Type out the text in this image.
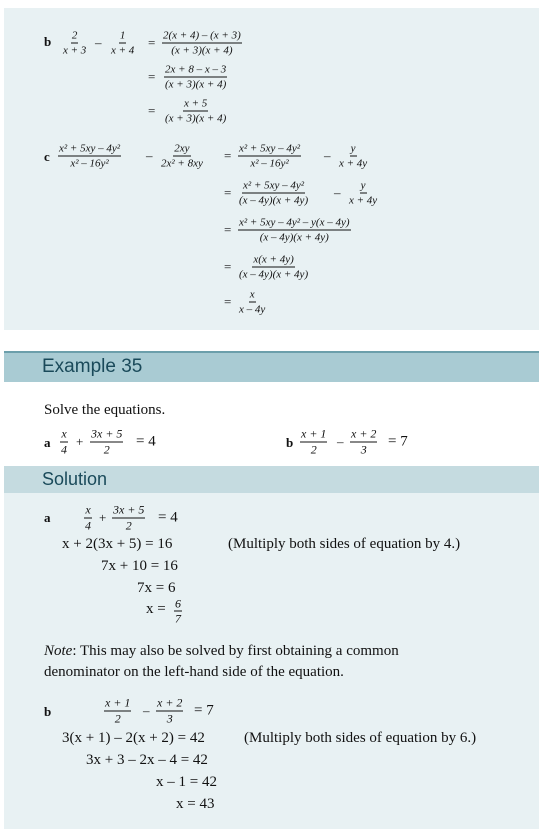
b $\frac{2}{x + 3} - \frac{1}{x + 4} = \frac{2(x + 4) - (x + 3)}{(x + 3)(x + 4)}$
= $\frac{2x + 8 - x - 3}{(x + 3)(x + 4)}$
= $\frac{x + 5}{(x + 3)(x + 4)}$
c $\frac{\text{x² + 5xy – 4y²}}{\text{x² – 16y²}} - \frac{2xy}{\text{2x² + 8xy}} = \frac{\text{x² + 5xy – 4y²}}{\text{x² – 16y²}} - \frac{y}{x + 4y}$
= $\frac{\text{x² + 5xy – 4y²}}{(x - 4y)(x + 4y)} - \frac{y}{x + 4y}$
= $\frac{\text{x² + 5xy – 4y² – y(x – 4y)}}{(x - 4y)(x + 4y)}$
= $\frac{x(x + 4y)}{(x - 4y)(x + 4y)}$
= $\frac{x}{x - 4y}$
Example 35
Solve the equations.
a $\frac{x}{4} + \frac{3x + 5}{2} = 4$	b $\frac{x + 1}{2} - \frac{x + 2}{3} = 7$
Solution
a	$\frac{x}{4} + \frac{3x + 5}{2} = 4$
x + 2(3x + 5) = 16	(Multiply both sides of equation by 4.)
7x + 10 = 16
7x = 6
$x = \frac{6}{7}$
Note: This may also be solved by first obtaining a common
denominator on the left-hand side of the equation.
b	$\frac{x + 1}{2} - \frac{x + 2}{3} = 7$
3(x + 1) – 2(x + 2) = 42	(Multiply both sides of equation by 6.)
3x + 3 – 2x – 4 = 42
x – 1 = 42
x = 43
